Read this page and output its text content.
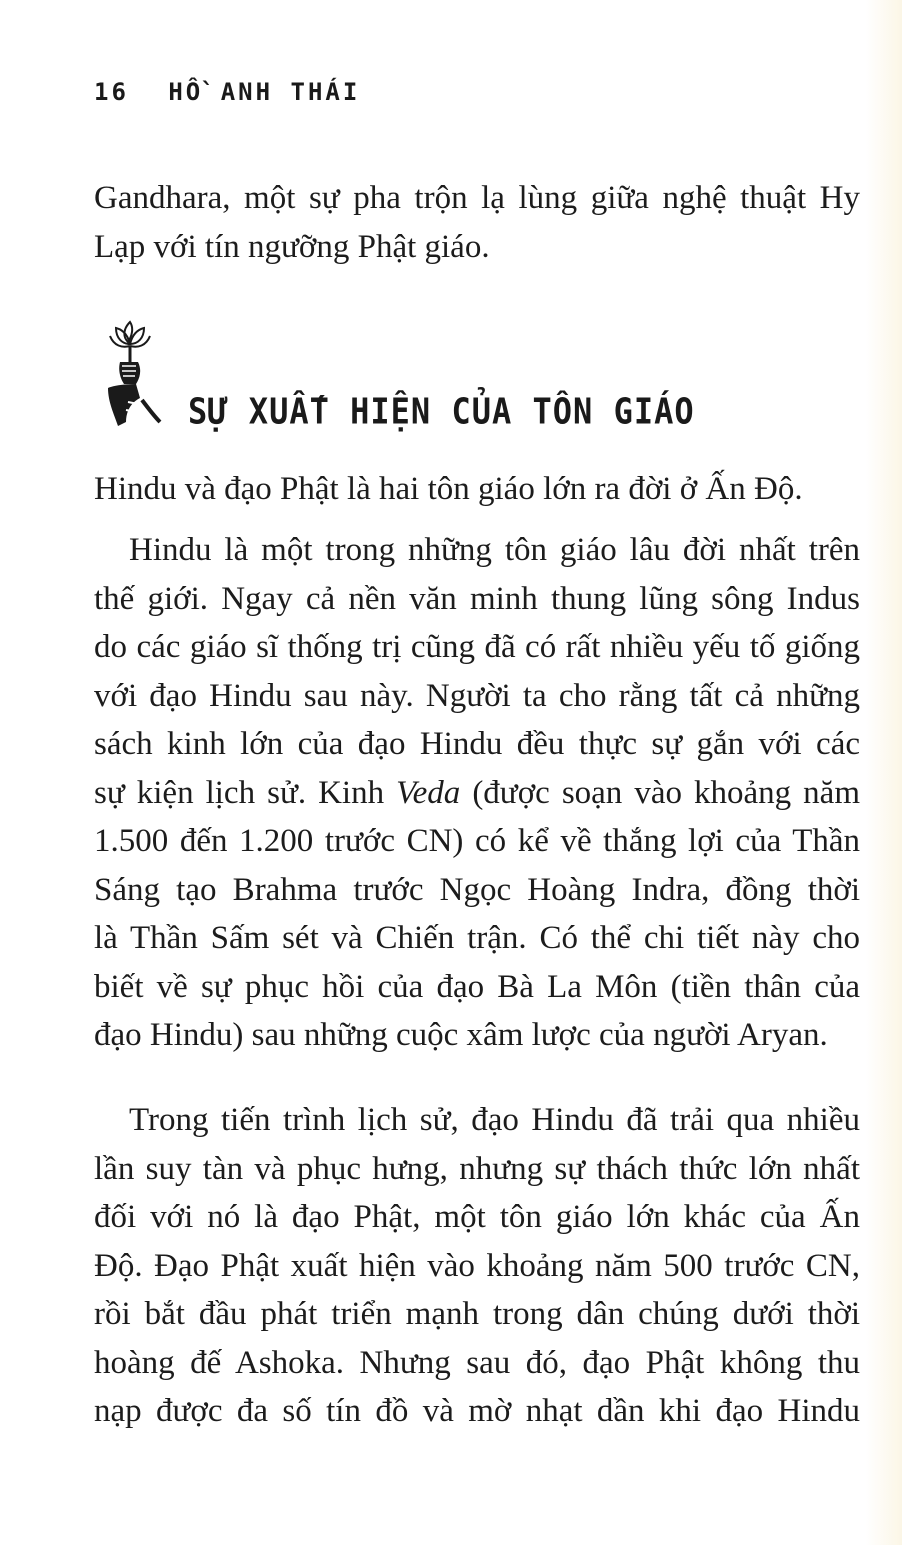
16 HỒ ANH THÁI
Gandhara, một sự pha trộn lạ lùng giữa nghệ thuật Hy
Lạp với tín ngưỡng Phật giáo.
SỰ XUẤT HIỆN CỦA TÔN GIÁO
Hindu và đạo Phật là hai tôn giáo lớn ra đời ở Ấn Độ.
Hindu là một trong những tôn giáo lâu đời nhất trên
thế giới. Ngay cả nền văn minh thung lũng sông Indus
do các giáo sĩ thống trị cũng đã có rất nhiều yếu tố giống
với đạo Hindu sau này. Người ta cho rằng tất cả những
sách kinh lớn của đạo Hindu đều thực sự gắn với các
sự kiện lịch sử. Kinh Veda (được soạn vào khoảng năm
1.500 đến 1.200 trước CN) có kể về thắng lợi của Thần
Sáng tạo Brahma trước Ngọc Hoàng Indra, đồng thời
là Thần Sấm sét và Chiến trận. Có thể chi tiết này cho
biết về sự phục hồi của đạo Bà La Môn (tiền thân của
đạo Hindu) sau những cuộc xâm lược của người Aryan.
Trong tiến trình lịch sử, đạo Hindu đã trải qua nhiều
lần suy tàn và phục hưng, nhưng sự thách thức lớn nhất
đối với nó là đạo Phật, một tôn giáo lớn khác của Ấn
Độ. Đạo Phật xuất hiện vào khoảng năm 500 trước CN,
rồi bắt đầu phát triển mạnh trong dân chúng dưới thời
hoàng đế Ashoka. Nhưng sau đó, đạo Phật không thu
nạp được đa số tín đồ và mờ nhạt dần khi đạo Hindu
